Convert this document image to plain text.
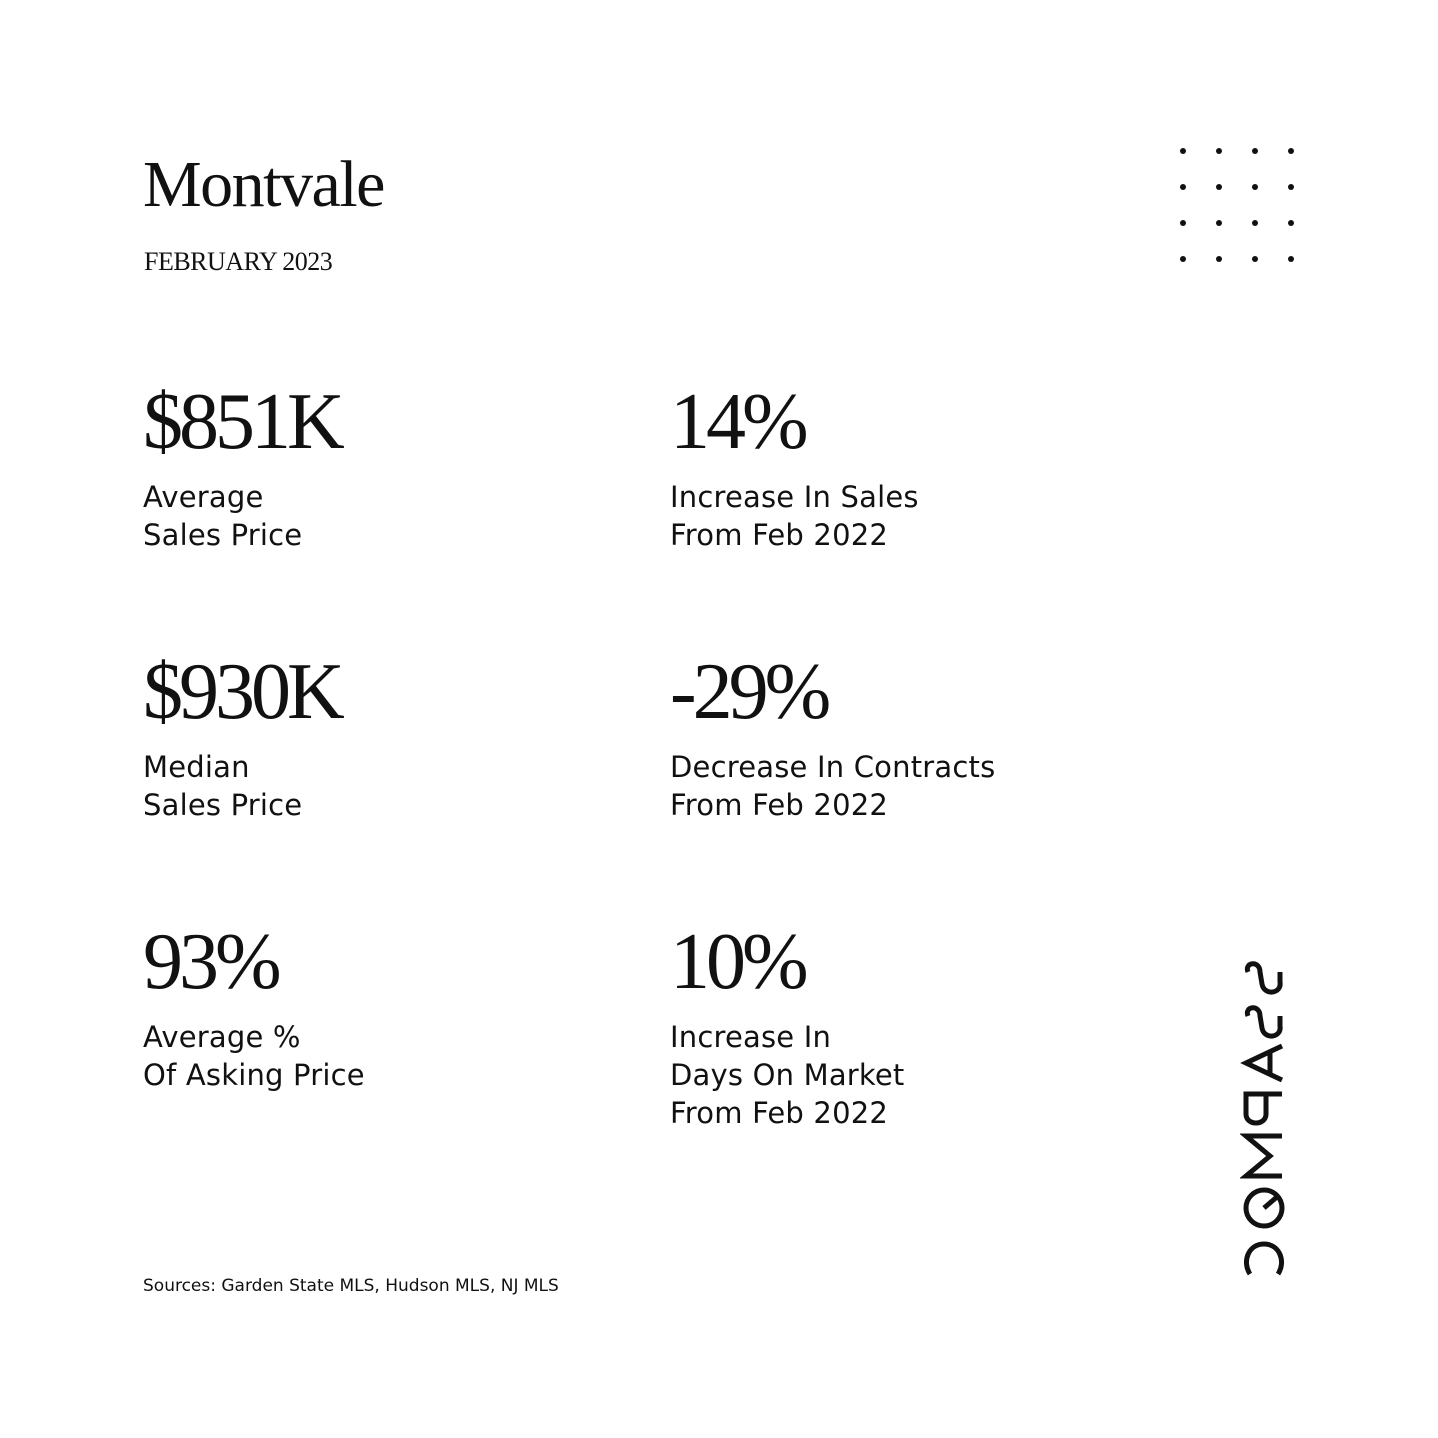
Montvale
FEBRUARY 2023
$851K
Average
Sales Price
14%
Increase In Sales
From Feb 2022
$930K
Median
Sales Price
-29%
Decrease In Contracts
From Feb 2022
93%
Average %
Of Asking Price
10%
Increase In
Days On Market
From Feb 2022
Sources: Garden State MLS, Hudson MLS, NJ MLS
